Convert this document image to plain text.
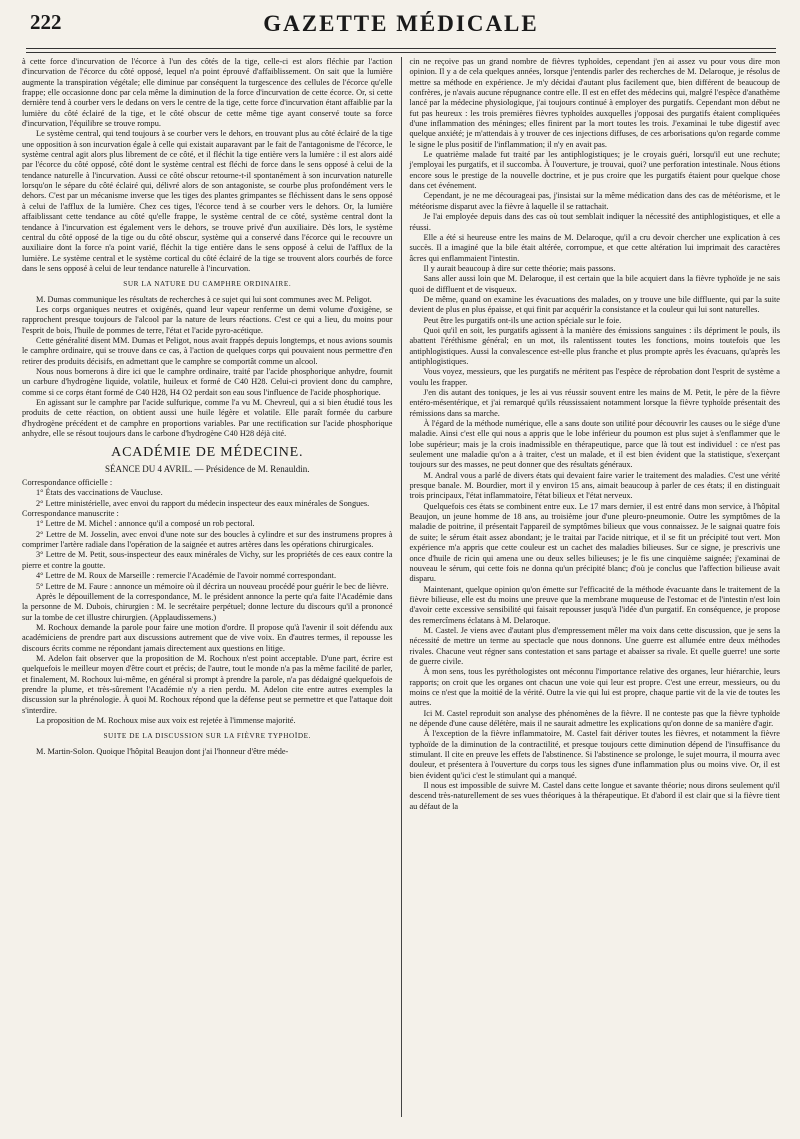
222	GAZETTE MÉDICALE

à cette force d'incurvation de l'écorce à l'un des côtés de la tige, celle-ci est alors fléchie par l'action d'incurvation de l'écorce du côté opposé, lequel n'a point éprouvé d'affaiblissement. On sait que la lumière augmente la transpiration végétale; elle diminue par conséquent la turgescence des cellules de l'écorce qu'elle frappe; elle occasionne donc par cela même la diminution de la force d'incurvation de cette écorce. Or, si cette dernière tend à courber vers le dedans on vers le centre de la tige, cette force d'incurvation étant affaiblie par la lumière du côté éclairé de la tige, et le côté obscur de cette même tige ayant conservé toute sa force d'incurvation, l'équilibre se trouve rompu.

Le système central, qui tend toujours à se courber vers le dehors, en trouvant plus au côté éclairé de la tige une opposition à son incurvation égale à celle qui existait auparavant par le fait de l'antagonisme de l'écorce, le système central agit alors plus librement de ce côté, et il fléchit la tige entière vers la lumière : il est alors aidé par l'écorce du côté opposé, côté dont le système central est fléchi de force dans le sens opposé à celui de la tendance naturelle à l'incurvation. Aussi ce côté obscur retourne-t-il spontanément à son incurvation naturelle lorsqu'on le sépare du côté éclairé qui, délivré alors de son antagoniste, se courbe plus profondément vers le dehors. C'est par un mécanisme inverse que les tiges des plantes grimpantes se fléchissent dans le sens opposé à celui de l'afflux de la lumière. Chez ces tiges, l'écorce tend à se courber vers le dehors. Or, la lumière affaiblissant cette tendance au côté qu'elle frappe, le système central de ce côté, système central dont la tendance à l'incurvation est également vers le dehors, se trouve privé d'un auxiliaire. Dès lors, le système central du côté opposé de la tige ou du côté obscur, système qui a conservé dans l'écorce qui le recouvre un auxiliaire dont la force n'a point varié, fléchit la tige entière dans le sens opposé à celui de l'afflux de la lumière. Le système central et le système cortical du côté éclairé de la tige se trouvent alors courbés de force dans le sens opposé à celui de leur tendance naturelle à l'incurvation.

SUR LA NATURE DU CAMPHRE ORDINAIRE.

M. Dumas communique les résultats de recherches à ce sujet qui lui sont communes avec M. Peligot.

Les corps organiques neutres et oxigénés, quand leur vapeur renferme un demi volume d'oxigène, se rapprochent presque toujours de l'alcool par la nature de leurs réactions. C'est ce qui a lieu, du moins pour l'esprit de bois, l'huile de pommes de terre, l'état et l'acide pyro-acétique.

Cette généralité disent MM. Dumas et Peligot, nous avait frappés depuis longtemps, et nous avions soumis le camphre ordinaire, qui se trouve dans ce cas, à l'action de quelques corps qui pouvaient nous permettre d'en retirer des produits décisifs, en admettant que le camphre se comportât comme un alcool.

Nous nous bornerons à dire ici que le camphre ordinaire, traité par l'acide phosphorique anhydre, fournit un carbure d'hydrogène liquide, volatile, huileux et formé de C40 H28. Celui-ci provient donc du camphre, comme si ce corps étant formé de C40 H28, H4 O2 perdait son eau sous l'influence de l'acide phosphorique.

En agissant sur le camphre par l'acide sulfurique, comme l'a vu M. Chevreul, qui a si bien étudié tous les produits de cette réaction, on obtient aussi une huile légère et volatile. Elle paraît formée du carbure d'hydrogène précédent et de camphre en proportions variables. Par une rectification sur l'acide phosphorique anhydre, elle se résout toujours dans le carbone d'hydrogène C40 H28 déjà cité.

ACADÉMIE DE MÉDECINE.
SÉANCE DU 4 AVRIL. — Présidence de M. Renauldin.

Correspondance officielle :

1° États des vaccinations de Vaucluse.

2° Lettre ministérielle, avec envoi du rapport du médecin inspecteur des eaux minérales de Songues.

Correspondance manuscrite :

1° Lettre de M. Michel : annonce qu'il a composé un rob pectoral.

2° Lettre de M. Josselin, avec envoi d'une note sur des boucles à cylindre et sur des instrumens propres à comprimer l'artère radiale dans l'opération de la saignée et autres artères dans les opérations chirurgicales.

3° Lettre de M. Petit, sous-inspecteur des eaux minérales de Vichy, sur les propriétés de ces eaux contre la pierre et contre la goutte.

4° Lettre de M. Roux de Marseille : remercie l'Académie de l'avoir nommé correspondant.

5° Lettre de M. Faure : annonce un mémoire où il décrira un nouveau procédé pour guérir le bec de lièvre.

Après le dépouillement de la correspondance, M. le président annonce la perte qu'a faite l'Académie dans la personne de M. Dubois, chirurgien : M. le secrétaire perpétuel; donne lecture du discours qu'il a prononcé sur la tombe de cet illustre chirurgien. (Applaudissemens.)

M. Rochoux demande la parole pour faire une motion d'ordre. Il propose qu'à l'avenir il soit défendu aux académiciens de prendre part aux discussions autrement que de vive voix. En d'autres termes, il repousse les discours écrits comme ne répondant jamais directement aux questions en litige.

M. Adelon fait observer que la proposition de M. Rochoux n'est point acceptable. D'une part, écrire est quelquefois le meilleur moyen d'être court et précis; de l'autre, tout le monde n'a pas la même facilité de parler, et finalement, M. Rochoux lui-même, en général si prompt à prendre la parole, n'a pas dédaigné quelquefois de prendre la plume, et très-sûrement l'Académie n'y a rien perdu. M. Adelon cite entre autres exemples la discussion sur la phrénologie. À quoi M. Rochoux répond que la défense peut se permettre et que l'attaque doit s'interdire.

La proposition de M. Rochoux mise aux voix est rejetée à l'immense majorité.

SUITE DE LA DISCUSSION SUR LA FIÈVRE TYPHOÏDE.

M. Martin-Solon. Quoique l'hôpital Beaujon dont j'ai l'honneur d'être méde-

cin ne reçoive pas un grand nombre de fièvres typhoïdes, cependant j'en ai assez vu pour vous dire mon opinion. Il y a de cela quelques années, lorsque j'entendis parler des recherches de M. Delaroque, je résolus de mettre sa méthode en expérience. Je m'y décidai d'autant plus facilement que, bien différent de beaucoup de confrères, je n'avais aucune répugnance contre elle. Il est en effet des médecins qui, malgré l'espèce d'anathème lancé par la médecine physiologique, j'ai toujours continué à employer des purgatifs. Cependant mon début ne fut pas heureux : les trois premières fièvres typhoïdes auxquelles j'opposai des purgatifs étaient compliquées d'une inflammation des méninges; elles finirent par la mort toutes les trois. J'examinai le tube digestif avec quelque anxiété; je m'attendais à y trouver de ces injections diffuses, de ces arborisations qu'on regarde comme le signe le plus positif de l'inflammation; il n'y en avait pas.

Le quatrième malade fut traité par les antiphlogistiques; je le croyais guéri, lorsqu'il eut une rechute; j'employai les purgatifs, et il succomba. À l'ouverture, je trouvai, quoi? une perforation intestinale. Nous étions encore sous le prestige de la nouvelle doctrine, et je pus croire que les purgatifs étaient pour quelque chose dans cet événement.

Cependant, je ne me décourageai pas, j'insistai sur la même médication dans des cas de météorisme, et le météorisme disparut avec la fièvre à laquelle il se rattachait.

Je l'ai employée depuis dans des cas où tout semblait indiquer la nécessité des antiphlogistiques, et elle a réussi.

Elle a été si heureuse entre les mains de M. Delaroque, qu'il a cru devoir chercher une explication à ces succès. Il a imaginé que la bile était altérée, corrompue, et que cette altération lui imprimait des caractères âcres qui enflammaient l'intestin.

Il y aurait beaucoup à dire sur cette théorie; mais passons.

Sans aller aussi loin que M. Delaroque, il est certain que la bile acquiert dans la fièvre typhoïde je ne sais quoi de diffluent et de visqueux.

De même, quand on examine les évacuations des malades, on y trouve une bile diffluente, qui par la suite devient de plus en plus épaisse, et qui finit par acquérir la consistance et la couleur qui lui sont naturelles.

Peut être les purgatifs ont-ils une action spéciale sur le foie.

Quoi qu'il en soit, les purgatifs agissent à la manière des émissions sanguines : ils dépriment le pouls, ils abattent l'éréthisme général; en un mot, ils ralentissent toutes les fonctions, moins toutefois que les antiphlogistiques. Aussi la convalescence est-elle plus franche et plus prompte après les évacuans, qu'après les antiphlogistiques.

Vous voyez, messieurs, que les purgatifs ne méritent pas l'espèce de réprobation dont l'esprit de système a voulu les frapper.

J'en dis autant des toniques, je les ai vus réussir souvent entre les mains de M. Petit, le père de la fièvre entéro-mésentérique, et j'ai remarqué qu'ils réussissaient notamment lorsque la fièvre typhoïde présentait des rémissions dans sa marche.

À l'égard de la méthode numérique, elle a sans doute son utilité pour découvrir les causes ou le siége d'une maladie. Ainsi c'est elle qui nous a appris que le lobe inférieur du poumon est plus sujet à s'enflammer que le lobe supérieur; mais je la crois inadmissible en thérapeutique, parce que là tout est individuel : ce n'est pas seulement une maladie qu'on a à traiter, c'est un malade, et il est bien évident que la statistique, s'exerçant toujours sur des masses, ne peut donner que des résultats généraux.

M. Andral vous a parlé de divers états qui devaient faire varier le traitement des maladies. C'est une vérité presque banale. M. Bourdier, mort il y environ 15 ans, aimait beaucoup à parler de ces états; il en distinguait trois principaux, l'état inflammatoire, l'état bilieux et l'état nerveux.

Quelquefois ces états se combinent entre eux. Le 17 mars dernier, il est entré dans mon service, à l'hôpital Beaujon, un jeune homme de 18 ans, au troisième jour d'une pleuro-pneumonie. Outre les symptômes de la maladie de poitrine, il présentait l'appareil de symptômes bilieux que vous connaissez. Je le saignai quatre fois de suite; le sérum était assez abondant; je le traitai par l'acide nitrique, et il se fit un précipité tout vert. Mon expérience m'a appris que cette couleur est un cachet des maladies bilieuses. Sur ce signe, je prescrivis une once d'huile de ricin qui amena une ou deux selles bilieuses; je le fis une cinquième saignée; j'examinai de nouveau le sérum, qui cette fois ne donna qu'un précipité blanc; d'où je conclus que l'affection bilieuse avait disparu.

Maintenant, quelque opinion qu'on émette sur l'efficacité de la méthode évacuante dans le traitement de la fièvre bilieuse, elle est du moins une preuve que la membrane muqueuse de l'estomac et de l'intestin n'est loin d'avoir cette excessive sensibilité qui faisait repousser jusqu'à l'idée d'un purgatif. En conséquence, je propose des remercîmens éclatans à M. Delaroque.

M. Castel. Je viens avec d'autant plus d'empressement mêler ma voix dans cette discussion, que je sens la nécessité de mettre un terme au spectacle que nous donnons. Une guerre est allumée entre deux méthodes rivales. Chacune veut régner sans contestation et sans partage et abaisser sa rivale. Et quelle guerre! une sorte de guerre civile.

À mon sens, tous les pyréthologistes ont méconnu l'importance relative des organes, leur hiérarchie, leurs rapports; on croit que les organes ont chacun une voie qui leur est propre. C'est une erreur, messieurs, ou du moins ce n'est que la moitié de la vérité. Outre la vie qui lui est propre, chaque partie vit de la vie de toutes les autres.

Ici M. Castel reproduit son analyse des phénomènes de la fièvre. Il ne conteste pas que la fièvre typhoïde ne dépende d'une cause délétère, mais il ne saurait admettre les explications qu'on donne de sa manière d'agir.

À l'exception de la fièvre inflammatoire, M. Castel fait dériver toutes les fièvres, et notamment la fièvre typhoïde de la diminution de la contractilité, et presque toujours cette diminution dépend de l'insuffisance du stimulant. Il cite en preuve les effets de l'abstinence. Si l'abstinence se prolonge, le sujet mourra, il mourra avec douleur, et présentera à l'ouverture du corps tous les signes d'une inflammation plus ou moins vive. Or, il est bien évident qu'ici c'est le stimulant qui a manqué.

Il nous est impossible de suivre M. Castel dans cette longue et savante théorie; nous dirons seulement qu'il descend très-naturellement de ses vues théoriques à la thérapeutique. Et d'abord il est clair que si la fièvre tient au défaut de la
